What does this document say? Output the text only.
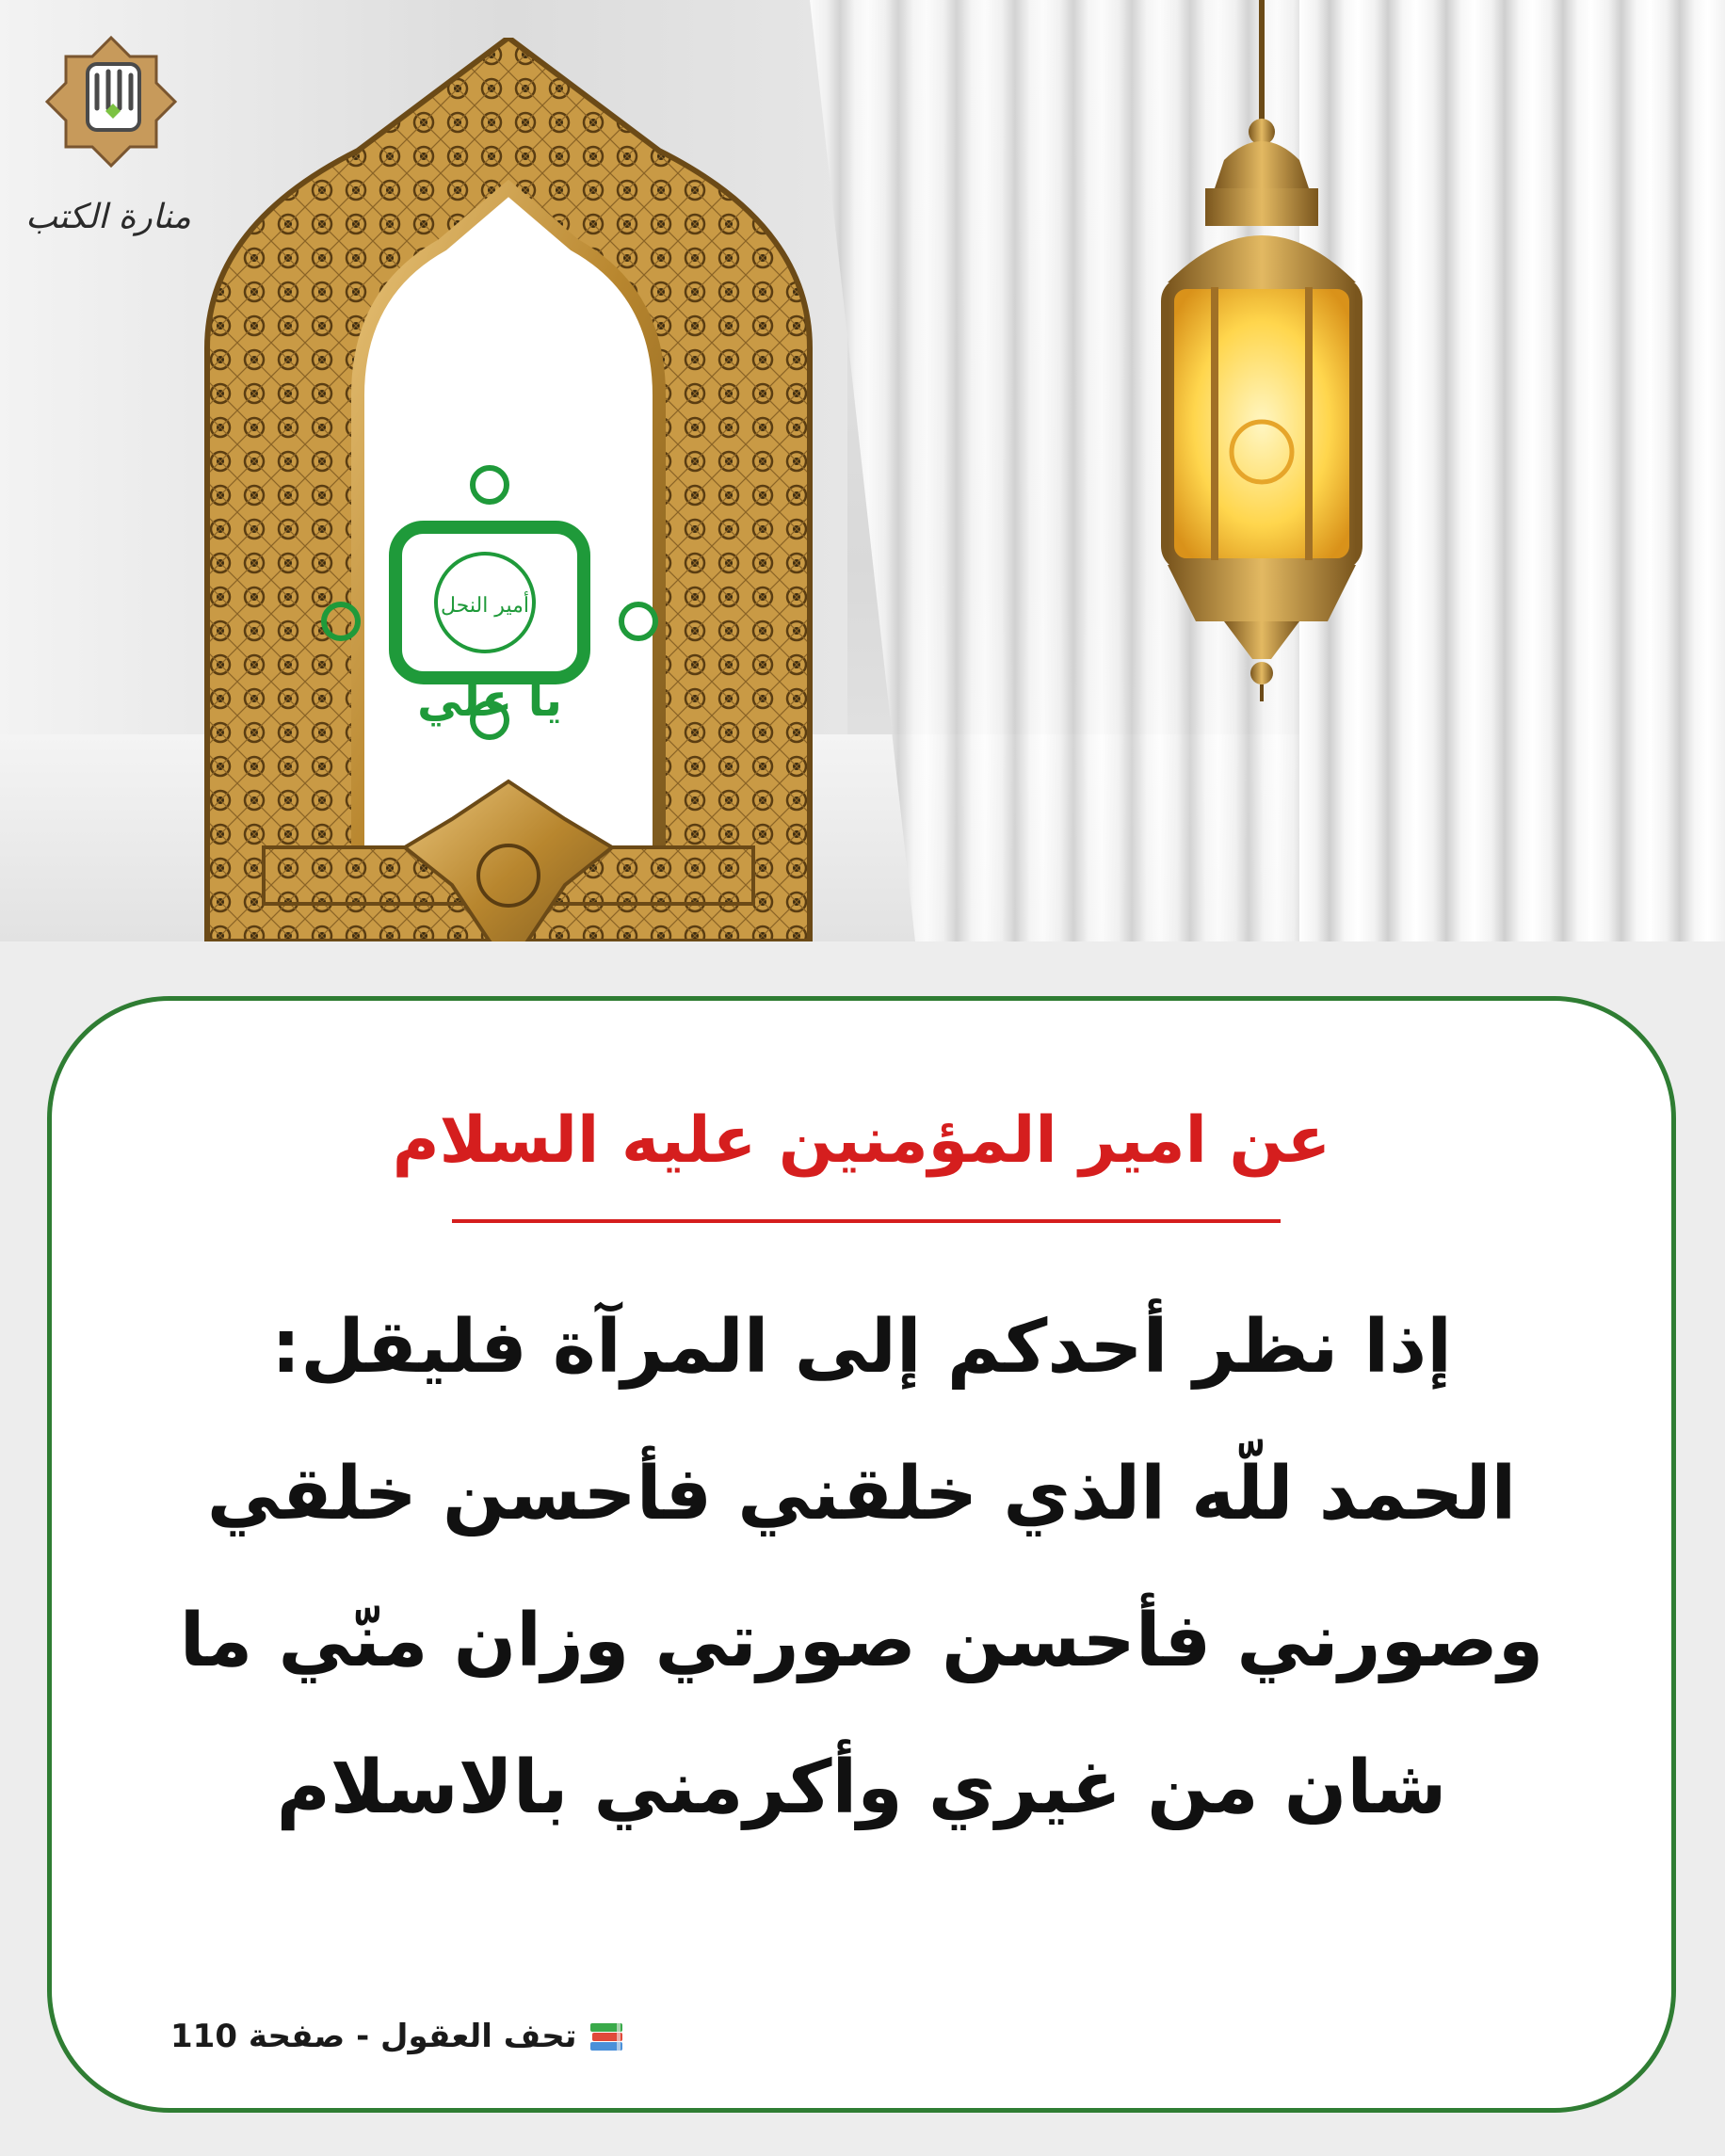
منارة الكتب
أمير النحل
يا علي
عن امير المؤمنين عليه السلام
إذا نظر أحدكم إلى المرآة فليقل:
الحمد للّه الذي خلقني فأحسن خلقي
وصورني فأحسن صورتي وزان منّي ما
شان من غيري وأكرمني بالاسلام
تحف العقول - صفحة 110
